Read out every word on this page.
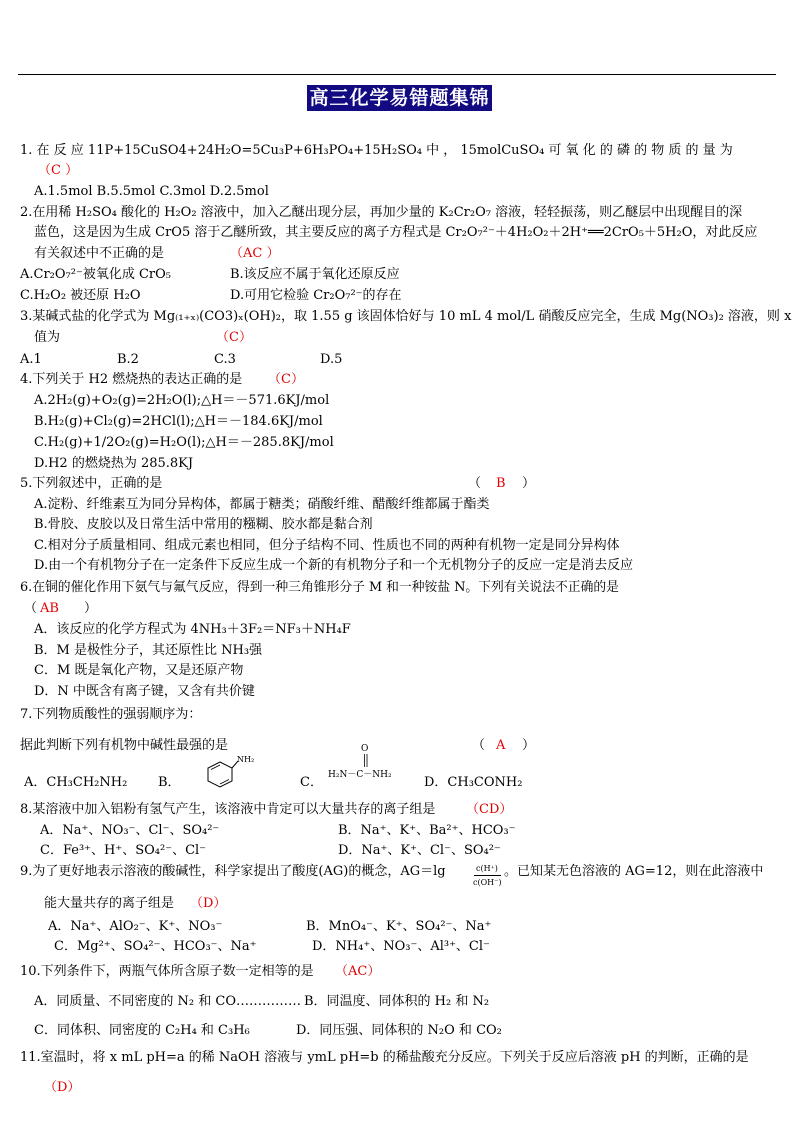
高三化学易错题集锦
1. 在 反 应 11P+15CuSO4+24H₂O=5Cu₃P+6H₃PO₄+15H₂SO₄ 中 ， 15molCuSO₄ 可 氧 化 的 磷 的 物 质 的 量 为
（C ）
A.1.5mol B.5.5mol C.3mol D.2.5mol
2.在用稀 H₂SO₄ 酸化的 H₂O₂ 溶液中，加入乙醚出现分层，再加少量的 K₂Cr₂O₇ 溶液，轻轻振荡，则乙醚层中出现醒目的深
蓝色，这是因为生成 CrO5 溶于乙醚所致，其主要反应的离子方程式是 Cr₂O₇²⁻＋4H₂O₂＋2H⁺══2CrO₅＋5H₂O，对此反应
有关叙述中不正确的是	（AC ）
A.Cr₂O₇²⁻被氧化成 CrO₅	B.该反应不属于氧化还原反应
C.H₂O₂ 被还原 H₂O	D.可用它检验 Cr₂O₇²⁻的存在
3.某碱式盐的化学式为 Mg₍₁₊ₓ₎(CO3)ₓ(OH)₂，取 1.55 g 该固体恰好与 10 mL 4 mol/L 硝酸反应完全，生成 Mg(NO₃)₂ 溶液，则 x
值为	（C）
A.1	B.2	C.3	D.5
4.下列关于 H2 燃烧热的表达正确的是 （C）
A.2H₂(g)+O₂(g)=2H₂O(l);△H＝－571.6KJ/mol
B.H₂(g)+Cl₂(g)=2HCl(l);△H＝－184.6KJ/mol
C.H₂(g)+1/2O₂(g)=H₂O(l);△H＝－285.8KJ/mol
D.H2 的燃烧热为 285.8KJ
5.下列叙述中，正确的是	（ B ）
A.淀粉、纤维素互为同分异构体，都属于糖类；硝酸纤维、醋酸纤维都属于酯类
B.骨胶、皮胶以及日常生活中常用的糨糊、胶水都是黏合剂
C.相对分子质量相同、组成元素也相同，但分子结构不同、性质也不同的两种有机物一定是同分异构体
D.由一个有机物分子在一定条件下反应生成一个新的有机物分子和一个无机物分子的反应一定是消去反应
6.在铜的催化作用下氨气与氟气反应，得到一种三角锥形分子 M 和一种铵盐 N。下列有关说法不正确的是
（ AB ）
A．该反应的化学方程式为 4NH₃＋3F₂＝NF₃＋NH₄F
B．M 是极性分子，其还原性比 NH₃强
C．M 既是氧化产物，又是还原产物
D．N 中既含有离子键，又含有共价键
7.下列物质酸性的强弱顺序为：
据此判断下列有机物中碱性最强的是	（ A ）
A．CH₃CH₂NH₂ B．
NH₂
C．
O
H₂N－C－NH₂ D．CH₃CONH₂
8.某溶液中加入铝粉有氢气产生，该溶液中肯定可以大量共存的离子组是 （CD）
A．Na⁺、NO₃⁻、Cl⁻、SO₄²⁻	B．Na⁺、K⁺、Ba²⁺、HCO₃⁻
C．Fe³⁺、H⁺、SO₄²⁻、Cl⁻	D．Na⁺、K⁺、Cl⁻、SO₄²⁻
9.为了更好地表示溶液的酸碱性，科学家提出了酸度(AG)的概念，AG＝lg	c(H⁺)
c(OH⁻)
。已知某无色溶液的 AG=12，则在此溶液中
能大量共存的离子组是 （D）
A．Na⁺、AlO₂⁻、K⁺、NO₃⁻	B．MnO₄⁻、K⁺、SO₄²⁻、Na⁺
C．Mg²⁺、SO₄²⁻、HCO₃⁻、Na⁺	D．NH₄⁺、NO₃⁻、Al³⁺、Cl⁻
10.下列条件下，两瓶气体所含原子数一定相等的是 （AC）
A．同质量、不同密度的 N₂ 和 CO…………… B．同温度、同体积的 H₂ 和 N₂
C．同体积、同密度的 C₂H₄ 和 C₃H₆	D．同压强、同体积的 N₂O 和 CO₂
11.室温时，将 x mL pH=a 的稀 NaOH 溶液与 ymL pH=b 的稀盐酸充分反应。下列关于反应后溶液 pH 的判断，正确的是
（D）
